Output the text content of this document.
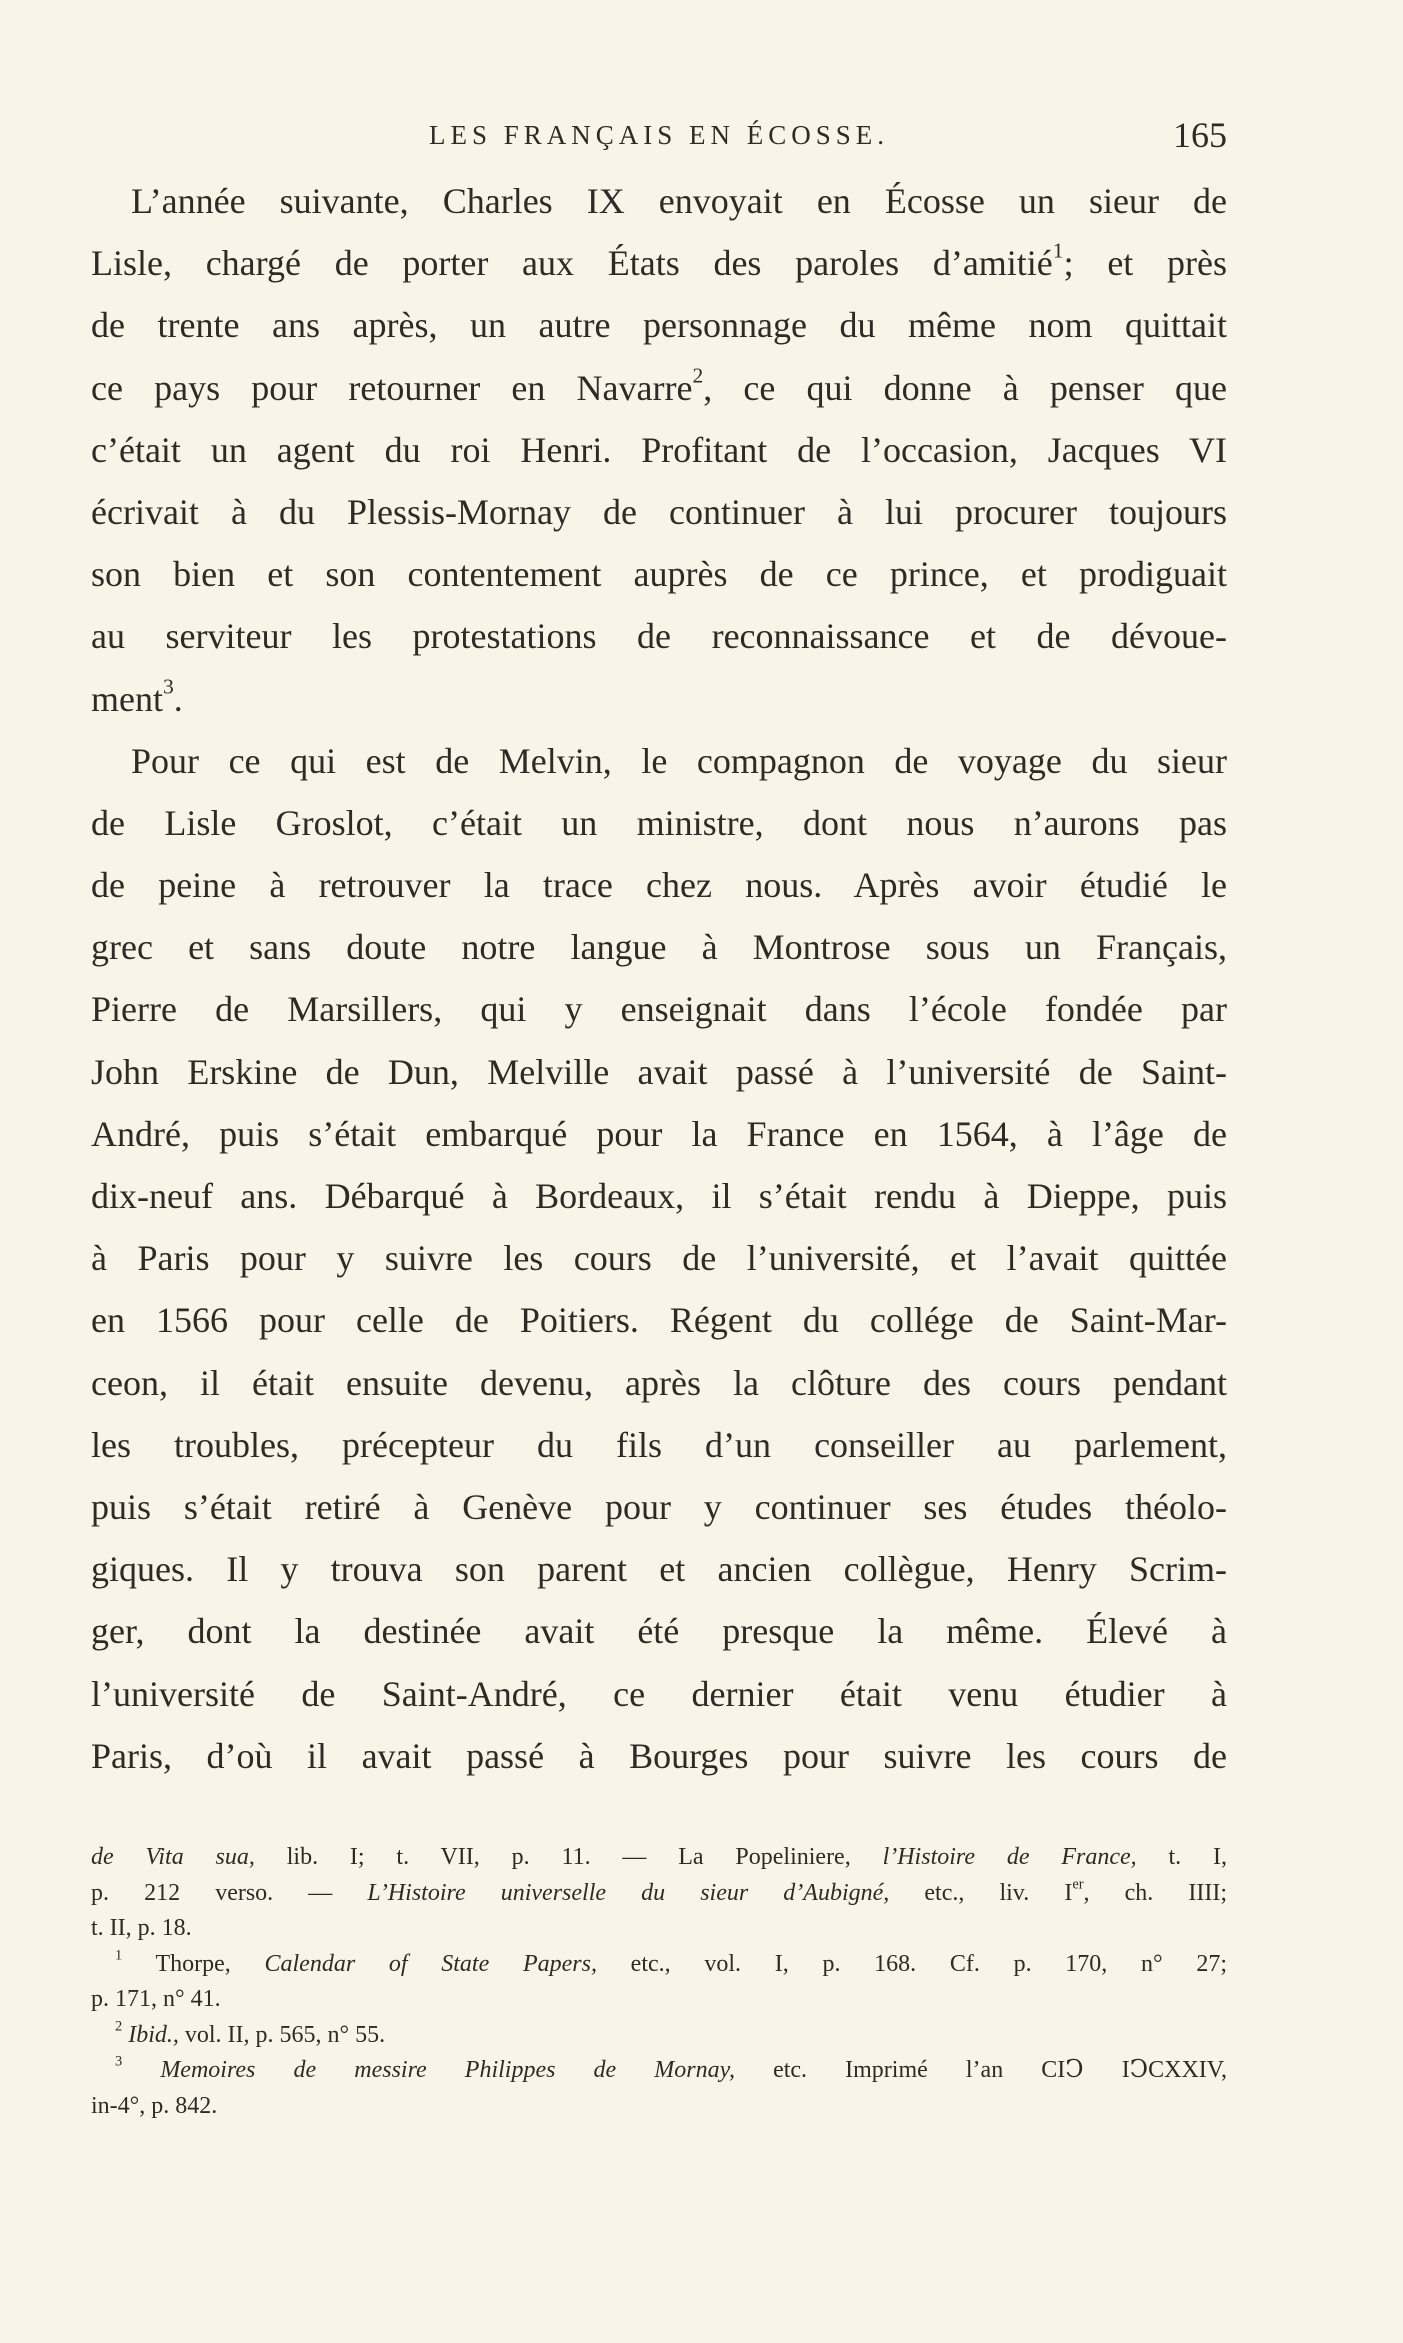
LES FRANÇAIS EN ÉCOSSE.	165
L’année suivante, Charles IX envoyait en Écosse un sieur de
Lisle, chargé de porter aux États des paroles d’amitié$^1$; et près
de trente ans après, un autre personnage du même nom quittait
ce pays pour retourner en Navarre$^2$, ce qui donne à penser que
c’était un agent du roi Henri. Profitant de l’occasion, Jacques VI
écrivait à du Plessis-Mornay de continuer à lui procurer toujours
son bien et son contentement auprès de ce prince, et prodiguait
au serviteur les protestations de reconnaissance et de dévoue-
ment$^3$.
Pour ce qui est de Melvin, le compagnon de voyage du sieur
de Lisle Groslot, c’était un ministre, dont nous n’aurons pas
de peine à retrouver la trace chez nous. Après avoir étudié le
grec et sans doute notre langue à Montrose sous un Français,
Pierre de Marsillers, qui y enseignait dans l’école fondée par
John Erskine de Dun, Melville avait passé à l’université de Saint-
André, puis s’était embarqué pour la France en 1564, à l’âge de
dix-neuf ans. Débarqué à Bordeaux, il s’était rendu à Dieppe, puis
à Paris pour y suivre les cours de l’université, et l’avait quittée
en 1566 pour celle de Poitiers. Régent du collége de Saint-Mar-
ceon, il était ensuite devenu, après la clôture des cours pendant
les troubles, précepteur du fils d’un conseiller au parlement,
puis s’était retiré à Genève pour y continuer ses études théolo-
giques. Il y trouva son parent et ancien collègue, Henry Scrim-
ger, dont la destinée avait été presque la même. Élevé à
l’université de Saint-André, ce dernier était venu étudier à
Paris, d’où il avait passé à Bourges pour suivre les cours de
de Vita sua, lib. I; t. VII, p. 11. — La Popeliniere, l’Histoire de France, t. I,
p. 212 verso. — L’Histoire universelle du sieur d’Aubigné, etc., liv. Ier, ch. IIII;
t. II, p. 18.
$^1$ Thorpe, Calendar of State Papers, etc., vol. I, p. 168. Cf. p. 170, n° 27;
p. 171, n° 41.
$^2$ Ibid., vol. II, p. 565, n° 55.
$^3$ Memoires de messire Philippes de Mornay, etc. Imprimé l’an CIↃ IↃCXXIV,
in-4°, p. 842.
